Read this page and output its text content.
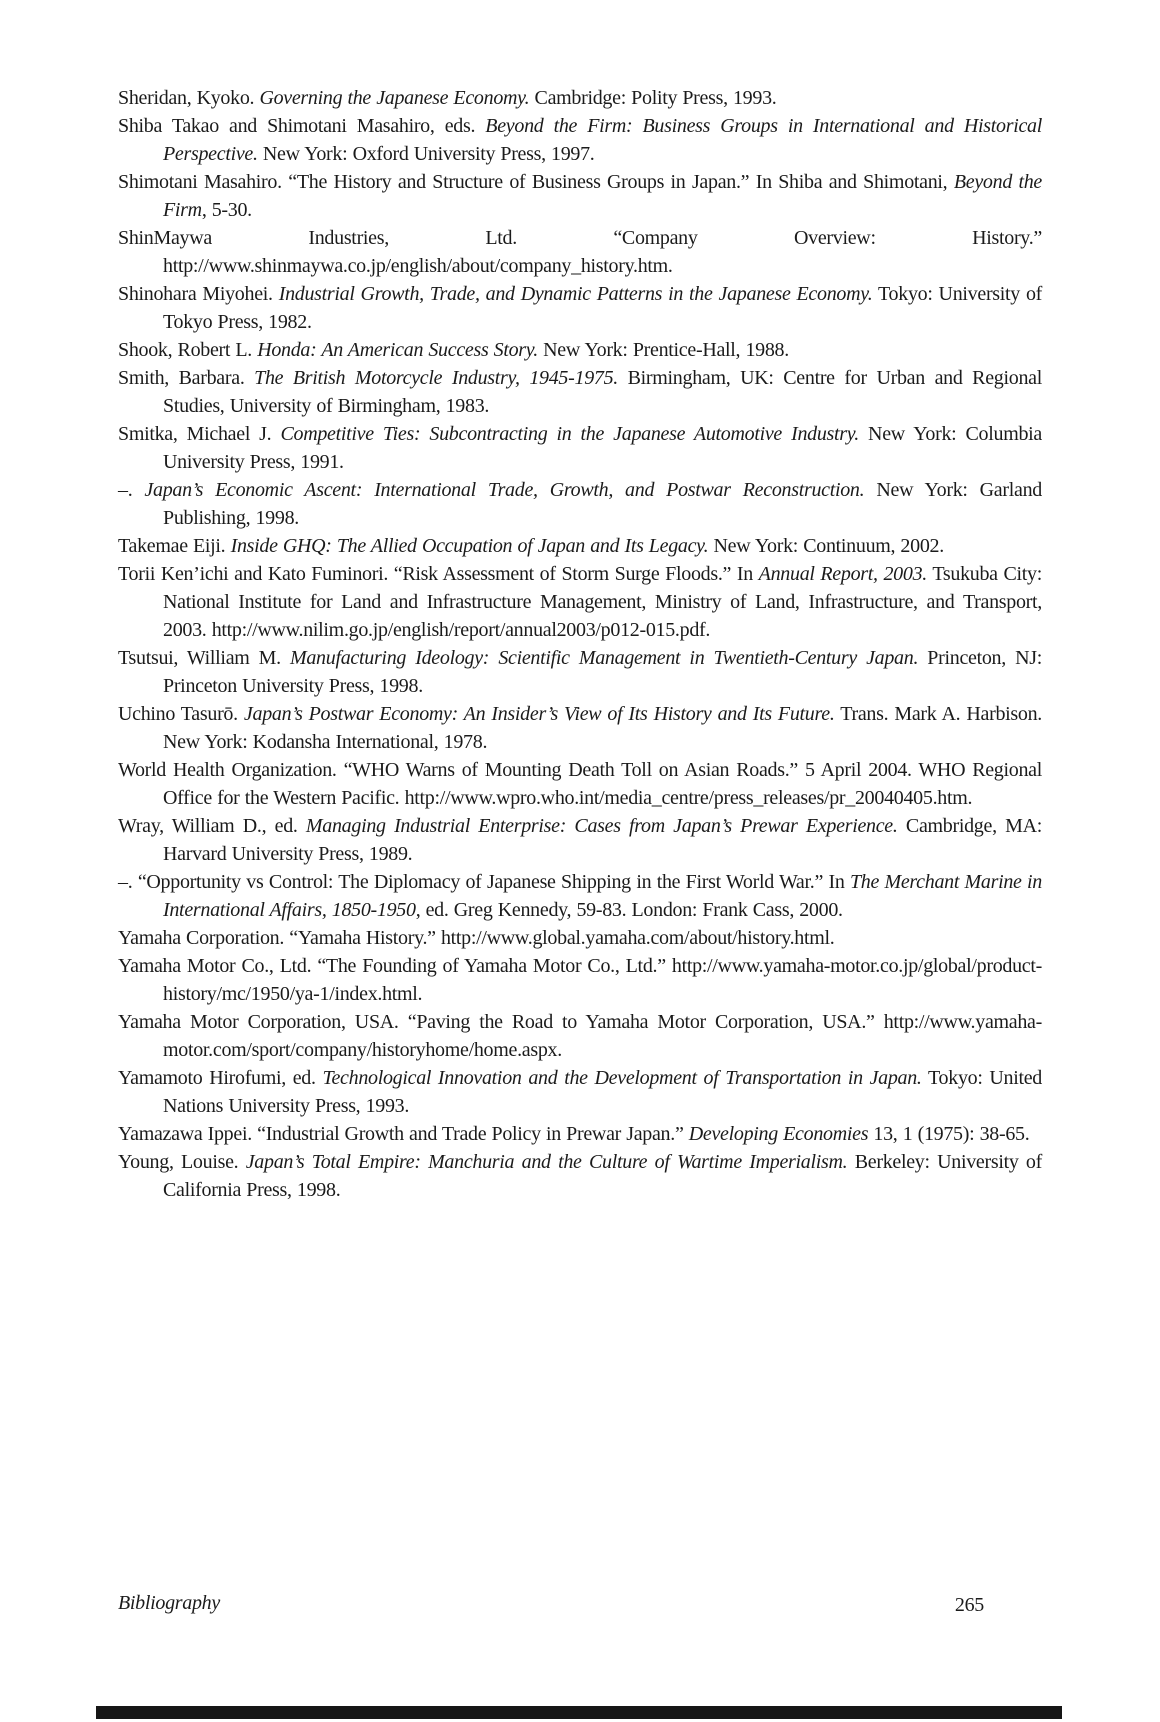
Sheridan, Kyoko. Governing the Japanese Economy. Cambridge: Polity Press, 1993.

Shiba Takao and Shimotani Masahiro, eds. Beyond the Firm: Business Groups in International and Historical Perspective. New York: Oxford University Press, 1997.

Shimotani Masahiro. “The History and Structure of Business Groups in Japan.” In Shiba and Shimotani, Beyond the Firm, 5-30.

ShinMaywa Industries, Ltd. “Company Overview: History.” http://www.shinmaywa.co.jp/english/about/company_history.htm.

Shinohara Miyohei. Industrial Growth, Trade, and Dynamic Patterns in the Japanese Economy. Tokyo: University of Tokyo Press, 1982.

Shook, Robert L. Honda: An American Success Story. New York: Prentice-Hall, 1988.

Smith, Barbara. The British Motorcycle Industry, 1945-1975. Birmingham, UK: Centre for Urban and Regional Studies, University of Birmingham, 1983.

Smitka, Michael J. Competitive Ties: Subcontracting in the Japanese Automotive Industry. New York: Columbia University Press, 1991.

–. Japan’s Economic Ascent: International Trade, Growth, and Postwar Reconstruction. New York: Garland Publishing, 1998.

Takemae Eiji. Inside GHQ: The Allied Occupation of Japan and Its Legacy. New York: Continuum, 2002.

Torii Ken’ichi and Kato Fuminori. “Risk Assessment of Storm Surge Floods.” In Annual Report, 2003. Tsukuba City: National Institute for Land and Infrastructure Management, Ministry of Land, Infrastructure, and Transport, 2003. http://www.nilim.go.jp/english/report/annual2003/p012-015.pdf.

Tsutsui, William M. Manufacturing Ideology: Scientific Management in Twentieth-Century Japan. Princeton, NJ: Princeton University Press, 1998.

Uchino Tasurō. Japan’s Postwar Economy: An Insider’s View of Its History and Its Future. Trans. Mark A. Harbison. New York: Kodansha International, 1978.

World Health Organization. “WHO Warns of Mounting Death Toll on Asian Roads.” 5 April 2004. WHO Regional Office for the Western Pacific. http://www.wpro.who.int/media_centre/press_releases/pr_20040405.htm.

Wray, William D., ed. Managing Industrial Enterprise: Cases from Japan’s Prewar Experience. Cambridge, MA: Harvard University Press, 1989.

–. “Opportunity vs Control: The Diplomacy of Japanese Shipping in the First World War.” In The Merchant Marine in International Affairs, 1850-1950, ed. Greg Kennedy, 59-83. London: Frank Cass, 2000.

Yamaha Corporation. “Yamaha History.” http://www.global.yamaha.com/about/history.html.

Yamaha Motor Co., Ltd. “The Founding of Yamaha Motor Co., Ltd.” http://www.yamaha-motor.co.jp/global/product-history/mc/1950/ya-1/index.html.

Yamaha Motor Corporation, USA. “Paving the Road to Yamaha Motor Corporation, USA.” http://www.yamaha-motor.com/sport/company/historyhome/home.aspx.

Yamamoto Hirofumi, ed. Technological Innovation and the Development of Transportation in Japan. Tokyo: United Nations University Press, 1993.

Yamazawa Ippei. “Industrial Growth and Trade Policy in Prewar Japan.” Developing Economies 13, 1 (1975): 38-65.

Young, Louise. Japan’s Total Empire: Manchuria and the Culture of Wartime Imperialism. Berkeley: University of California Press, 1998.

Bibliography	265
